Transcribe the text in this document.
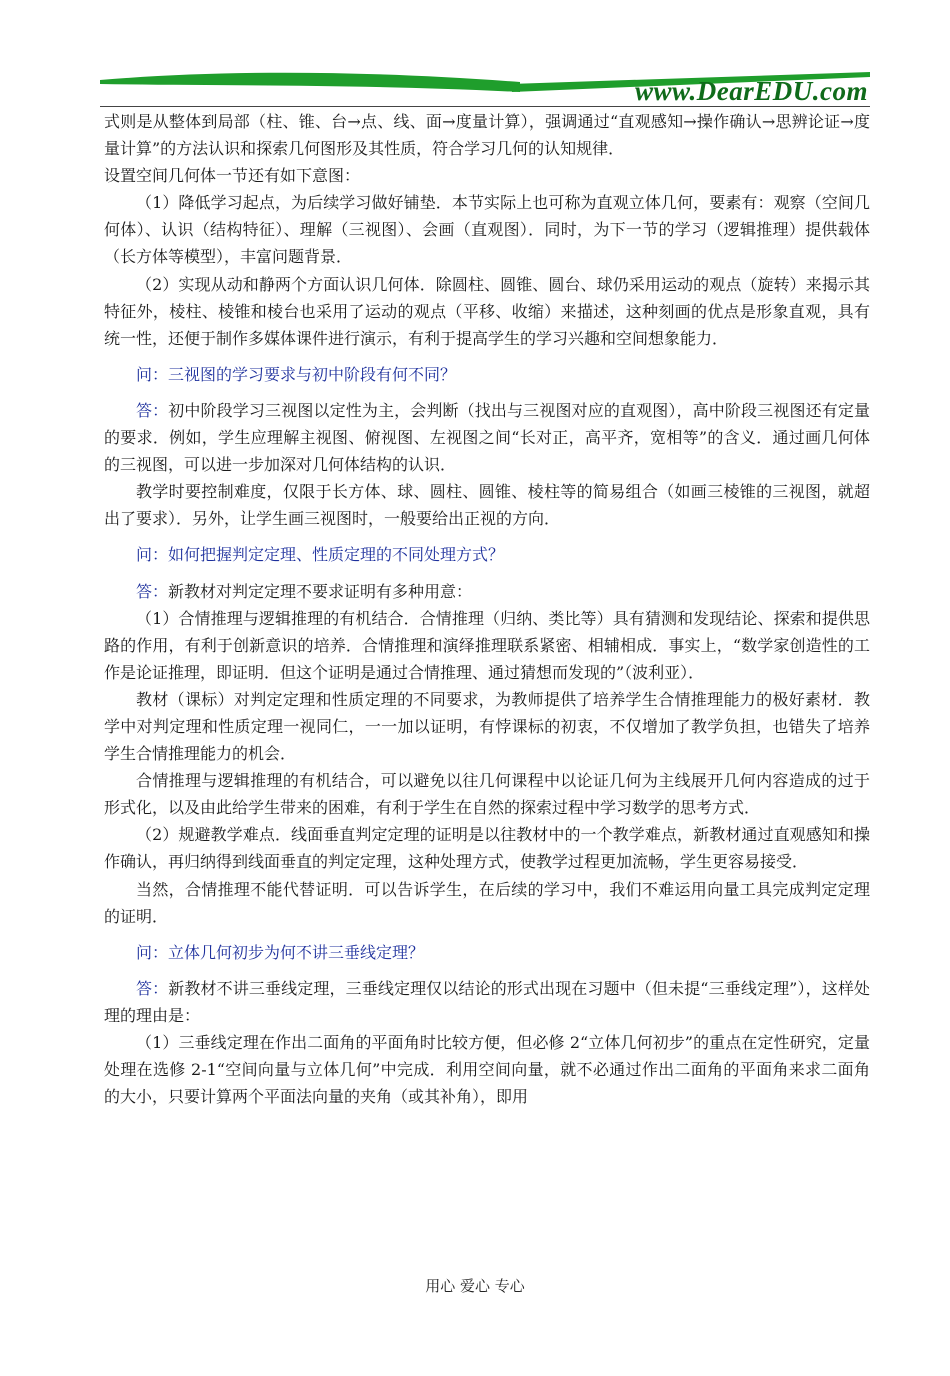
www.DearEDU.com

式则是从整体到局部（柱、锥、台→点、线、面→度量计算），强调通过“直观感知→操作确认→思辨论证→度量计算”的方法认识和探索几何图形及其性质，符合学习几何的认知规律．

设置空间几何体一节还有如下意图：

（1）降低学习起点，为后续学习做好铺垫．本节实际上也可称为直观立体几何，要素有：观察（空间几何体）、认识（结构特征）、理解（三视图）、会画（直观图）．同时，为下一节的学习（逻辑推理）提供载体（长方体等模型），丰富问题背景．

（2）实现从动和静两个方面认识几何体．除圆柱、圆锥、圆台、球仍采用运动的观点（旋转）来揭示其特征外，棱柱、棱锥和棱台也采用了运动的观点（平移、收缩）来描述，这种刻画的优点是形象直观，具有统一性，还便于制作多媒体课件进行演示，有利于提高学生的学习兴趣和空间想象能力．

问：三视图的学习要求与初中阶段有何不同？

答：初中阶段学习三视图以定性为主，会判断（找出与三视图对应的直观图），高中阶段三视图还有定量的要求．例如，学生应理解主视图、俯视图、左视图之间“长对正，高平齐，宽相等”的含义．通过画几何体的三视图，可以进一步加深对几何体结构的认识．

教学时要控制难度，仅限于长方体、球、圆柱、圆锥、棱柱等的简易组合（如画三棱锥的三视图，就超出了要求）．另外，让学生画三视图时，一般要给出正视的方向．

问：如何把握判定定理、性质定理的不同处理方式？

答：新教材对判定定理不要求证明有多种用意：

（1）合情推理与逻辑推理的有机结合．合情推理（归纳、类比等）具有猜测和发现结论、探索和提供思路的作用，有利于创新意识的培养．合情推理和演绎推理联系紧密、相辅相成．事实上，“数学家创造性的工作是论证推理，即证明．但这个证明是通过合情推理、通过猜想而发现的”（波利亚）．

教材（课标）对判定定理和性质定理的不同要求，为教师提供了培养学生合情推理能力的极好素材．教学中对判定理和性质定理一视同仁，一一加以证明，有悖课标的初衷，不仅增加了教学负担，也错失了培养学生合情推理能力的机会．

合情推理与逻辑推理的有机结合，可以避免以往几何课程中以论证几何为主线展开几何内容造成的过于形式化，以及由此给学生带来的困难，有利于学生在自然的探索过程中学习数学的思考方式．

（2）规避教学难点．线面垂直判定定理的证明是以往教材中的一个教学难点，新教材通过直观感知和操作确认，再归纳得到线面垂直的判定定理，这种处理方式，使教学过程更加流畅，学生更容易接受．

当然，合情推理不能代替证明．可以告诉学生，在后续的学习中，我们不难运用向量工具完成判定定理的证明．

问：立体几何初步为何不讲三垂线定理？

答：新教材不讲三垂线定理，三垂线定理仅以结论的形式出现在习题中（但未提“三垂线定理”），这样处理的理由是：

（1）三垂线定理在作出二面角的平面角时比较方便，但必修 2“立体几何初步”的重点在定性研究，定量处理在选修 2-1“空间向量与立体几何”中完成．利用空间向量，就不必通过作出二面角的平面角来求二面角的大小，只要计算两个平面法向量的夹角（或其补角），即用

用心 爱心 专心
